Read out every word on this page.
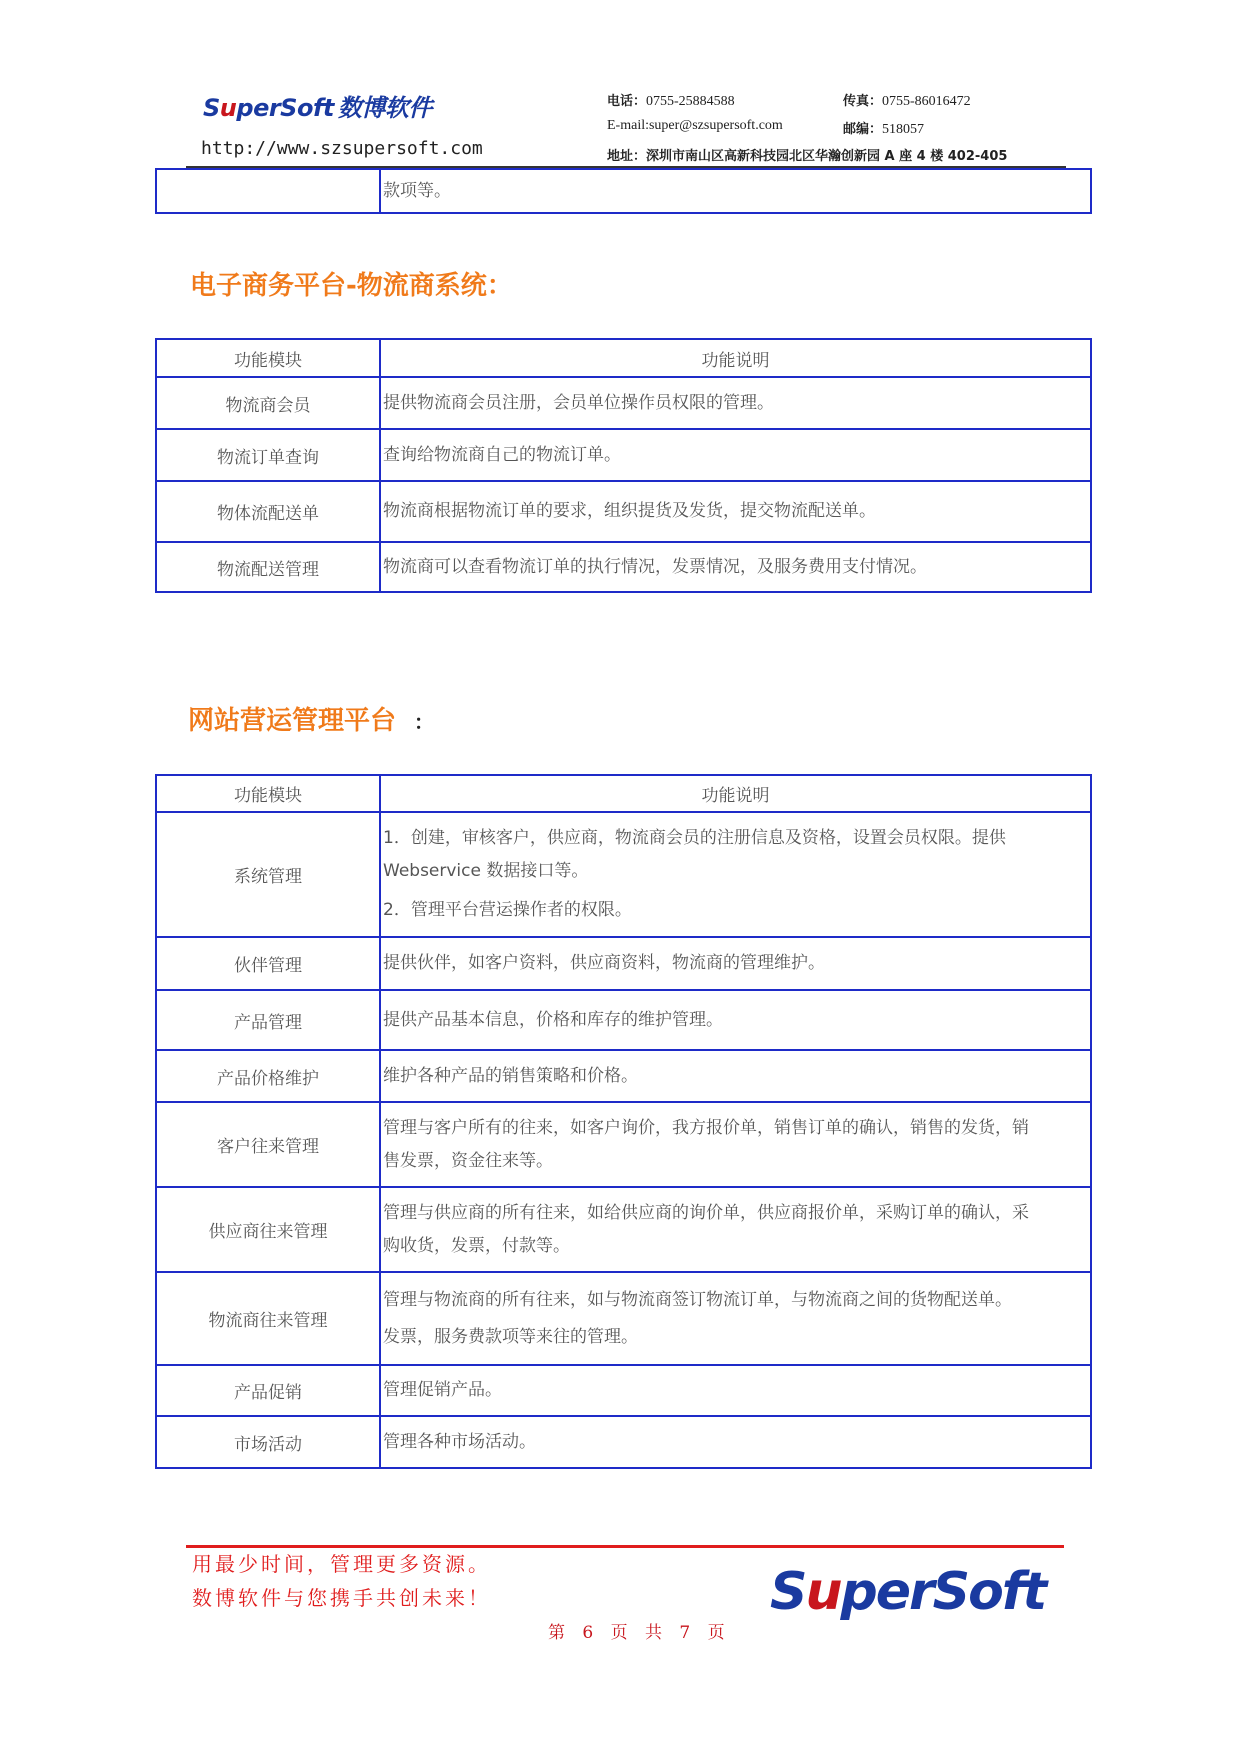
SuperSoft 数博软件
http://www.szsupersoft.com
电话：0755-25884588	传真：0755-86016472
E-mail:super@szsupersoft.com	邮编：518057
地址：深圳市南山区高新科技园北区华瀚创新园 A 座 4 楼 402-405
	款项等。
电子商务平台-物流商系统：
功能模块	功能说明
物流商会员	提供物流商会员注册，会员单位操作员权限的管理。
物流订单查询	查询给物流商自己的物流订单。
物体流配送单	物流商根据物流订单的要求，组织提货及发货，提交物流配送单。
物流配送管理	物流商可以查看物流订单的执行情况，发票情况，及服务费用支付情况。
网站营运管理平台 ：
功能模块	功能说明
系统管理	1．创建，审核客户，供应商，物流商会员的注册信息及资格，设置会员权限。提供
Webservice 数据接口等。
2．管理平台营运操作者的权限。

伙伴管理	提供伙伴，如客户资料，供应商资料，物流商的管理维护。
产品管理	提供产品基本信息，价格和库存的维护管理。
产品价格维护	维护各种产品的销售策略和价格。
客户往来管理	管理与客户所有的往来，如客户询价，我方报价单，销售订单的确认，销售的发货，销
售发票，资金往来等。

供应商往来管理	管理与供应商的所有往来，如给供应商的询价单，供应商报价单，采购订单的确认，采
购收货，发票，付款等。

物流商往来管理	管理与物流商的所有往来，如与物流商签订物流订单，与物流商之间的货物配送单。
发票，服务费款项等来往的管理。

产品促销	管理促销产品。
市场活动	管理各种市场活动。
用最少时间，管理更多资源。
数博软件与您携手共创未来！
第 6 页 共 7 页
SuperSoft
